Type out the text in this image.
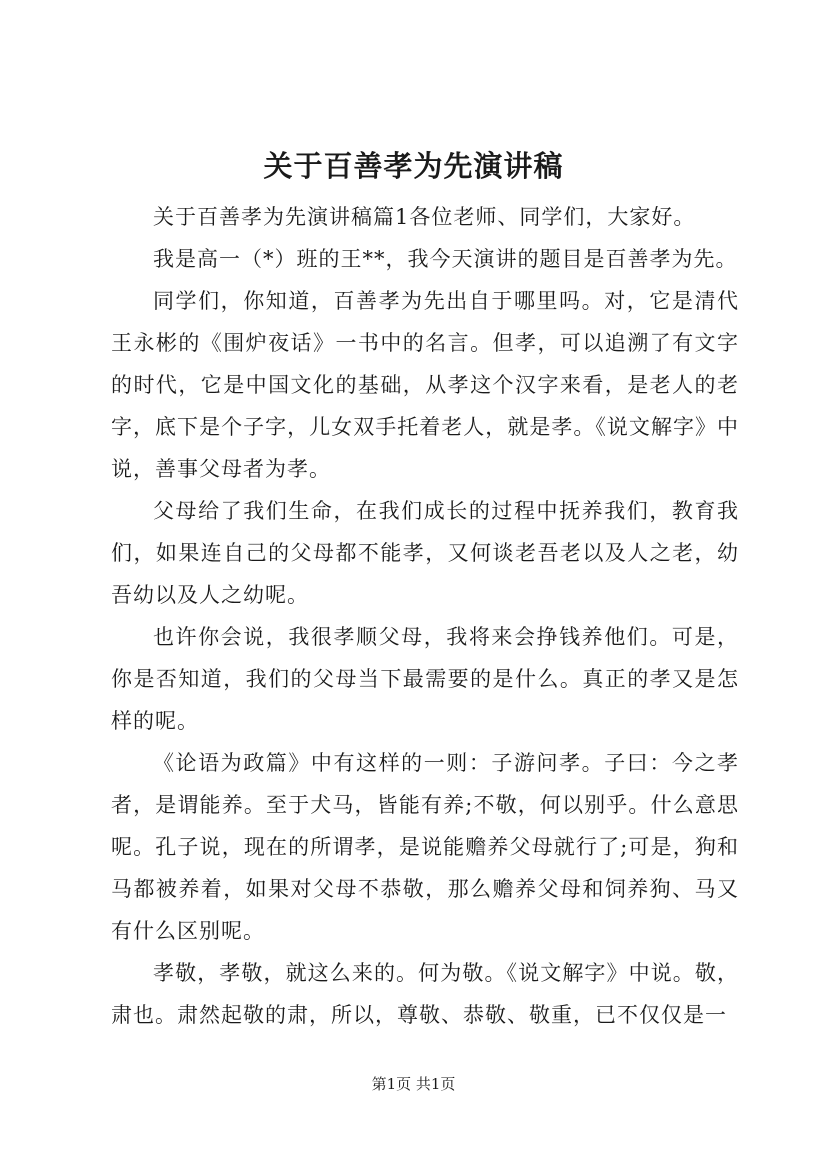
关于百善孝为先演讲稿

关于百善孝为先演讲稿篇1各位老师、同学们，大家好。

我是高一（*）班的王**，我今天演讲的题目是百善孝为先。

同学们，你知道，百善孝为先出自于哪里吗。对，它是清代王永彬的《围炉夜话》一书中的名言。但孝，可以追溯了有文字的时代，它是中国文化的基础，从孝这个汉字来看，是老人的老字，底下是个子字，儿女双手托着老人，就是孝。《说文解字》中说，善事父母者为孝。

父母给了我们生命，在我们成长的过程中抚养我们，教育我们，如果连自己的父母都不能孝，又何谈老吾老以及人之老，幼吾幼以及人之幼呢。

也许你会说，我很孝顺父母，我将来会挣钱养他们。可是，你是否知道，我们的父母当下最需要的是什么。真正的孝又是怎样的呢。

《论语为政篇》中有这样的一则：子游问孝。子曰：今之孝者，是谓能养。至于犬马，皆能有养;不敬，何以别乎。什么意思呢。孔子说，现在的所谓孝，是说能赡养父母就行了;可是，狗和马都被养着，如果对父母不恭敬，那么赡养父母和饲养狗、马又有什么区别呢。

孝敬，孝敬，就这么来的。何为敬。《说文解字》中说。敬，肃也。肃然起敬的肃，所以，尊敬、恭敬、敬重，已不仅仅是一

第1页 共1页
